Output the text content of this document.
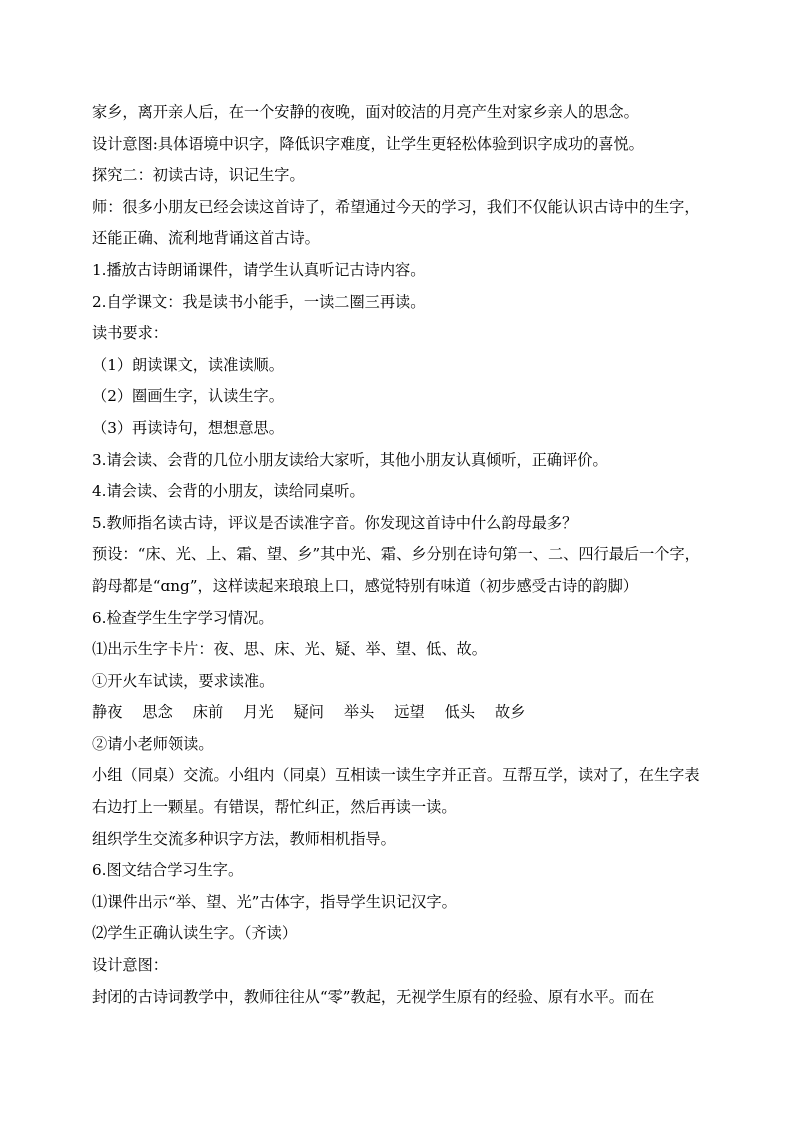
家乡，离开亲人后，在一个安静的夜晚，面对皎洁的月亮产生对家乡亲人的思念。

设计意图:具体语境中识字，降低识字难度，让学生更轻松体验到识字成功的喜悦。

探究二：初读古诗，识记生字。

师：很多小朋友已经会读这首诗了，希望通过今天的学习，我们不仅能认识古诗中的生字，还能正确、流利地背诵这首古诗。

1.播放古诗朗诵课件，请学生认真听记古诗内容。

2.自学课文：我是读书小能手，一读二圈三再读。

读书要求：

（1）朗读课文，读准读顺。

（2）圈画生字，认读生字。

（3）再读诗句，想想意思。

3.请会读、会背的几位小朋友读给大家听，其他小朋友认真倾听，正确评价。

4.请会读、会背的小朋友，读给同桌听。

5.教师指名读古诗，评议是否读准字音。你发现这首诗中什么韵母最多？

预设：“床、光、上、霜、望、乡”其中光、霜、乡分别在诗句第一、二、四行最后一个字，韵母都是“ɑng”，这样读起来琅琅上口，感觉特别有味道（初步感受古诗的韵脚）

6.检查学生生字学习情况。

⑴出示生字卡片：夜、思、床、光、疑、举、望、低、故。

①开火车试读，要求读准。

静夜 思念 床前 月光 疑问 举头 远望 低头 故乡

②请小老师领读。

小组（同桌）交流。小组内（同桌）互相读一读生字并正音。互帮互学，读对了，在生字表右边打上一颗星。有错误，帮忙纠正，然后再读一读。

组织学生交流多种识字方法，教师相机指导。

6.图文结合学习生字。

⑴课件出示“举、望、光”古体字，指导学生识记汉字。

⑵学生正确认读生字。（齐读）

设计意图：

封闭的古诗词教学中，教师往往从“零”教起，无视学生原有的经验、原有水平。而在
